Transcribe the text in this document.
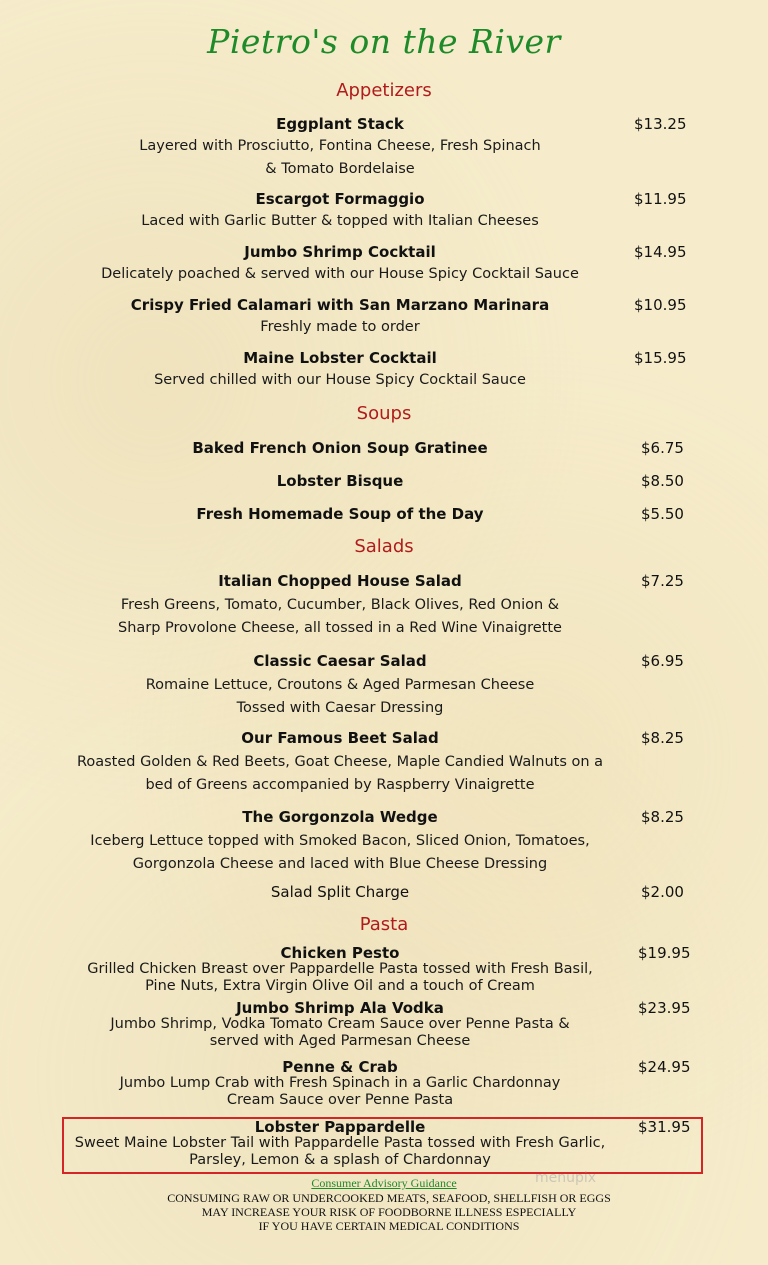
Pietro's on the River
Appetizers
Eggplant Stack	$13.25
Layered with Prosciutto, Fontina Cheese, Fresh Spinach
& Tomato Bordelaise
Escargot Formaggio	$11.95
Laced with Garlic Butter & topped with Italian Cheeses
Jumbo Shrimp Cocktail	$14.95
Delicately poached & served with our House Spicy Cocktail Sauce
Crispy Fried Calamari with San Marzano Marinara	$10.95
Freshly made to order
Maine Lobster Cocktail	$15.95
Served chilled with our House Spicy Cocktail Sauce
Soups
Baked French Onion Soup Gratinee	$6.75
Lobster Bisque	$8.50
Fresh Homemade Soup of the Day	$5.50
Salads
Italian Chopped House Salad	$7.25
Fresh Greens, Tomato, Cucumber, Black Olives, Red Onion &
Sharp Provolone Cheese, all tossed in a Red Wine Vinaigrette
Classic Caesar Salad	$6.95
Romaine Lettuce, Croutons & Aged Parmesan Cheese
Tossed with Caesar Dressing
Our Famous Beet Salad	$8.25
Roasted Golden & Red Beets, Goat Cheese, Maple Candied Walnuts on a
bed of Greens accompanied by Raspberry Vinaigrette
The Gorgonzola Wedge	$8.25
Iceberg Lettuce topped with Smoked Bacon, Sliced Onion, Tomatoes,
Gorgonzola Cheese and laced with Blue Cheese Dressing
Salad Split Charge	$2.00
Pasta
Chicken Pesto	$19.95
Grilled Chicken Breast over Pappardelle Pasta tossed with Fresh Basil,
Pine Nuts, Extra Virgin Olive Oil and a touch of Cream
Jumbo Shrimp Ala Vodka	$23.95
Jumbo Shrimp, Vodka Tomato Cream Sauce over Penne Pasta &
served with Aged Parmesan Cheese
Penne & Crab	$24.95
Jumbo Lump Crab with Fresh Spinach in a Garlic Chardonnay
Cream Sauce over Penne Pasta
Lobster Pappardelle	$31.95
Sweet Maine Lobster Tail with Pappardelle Pasta tossed with Fresh Garlic,
Parsley, Lemon & a splash of Chardonnay
menupix
Consumer Advisory Guidance
CONSUMING RAW OR UNDERCOOKED MEATS, SEAFOOD, SHELLFISH OR EGGS
MAY INCREASE YOUR RISK OF FOODBORNE ILLNESS ESPECIALLY
IF YOU HAVE CERTAIN MEDICAL CONDITIONS
